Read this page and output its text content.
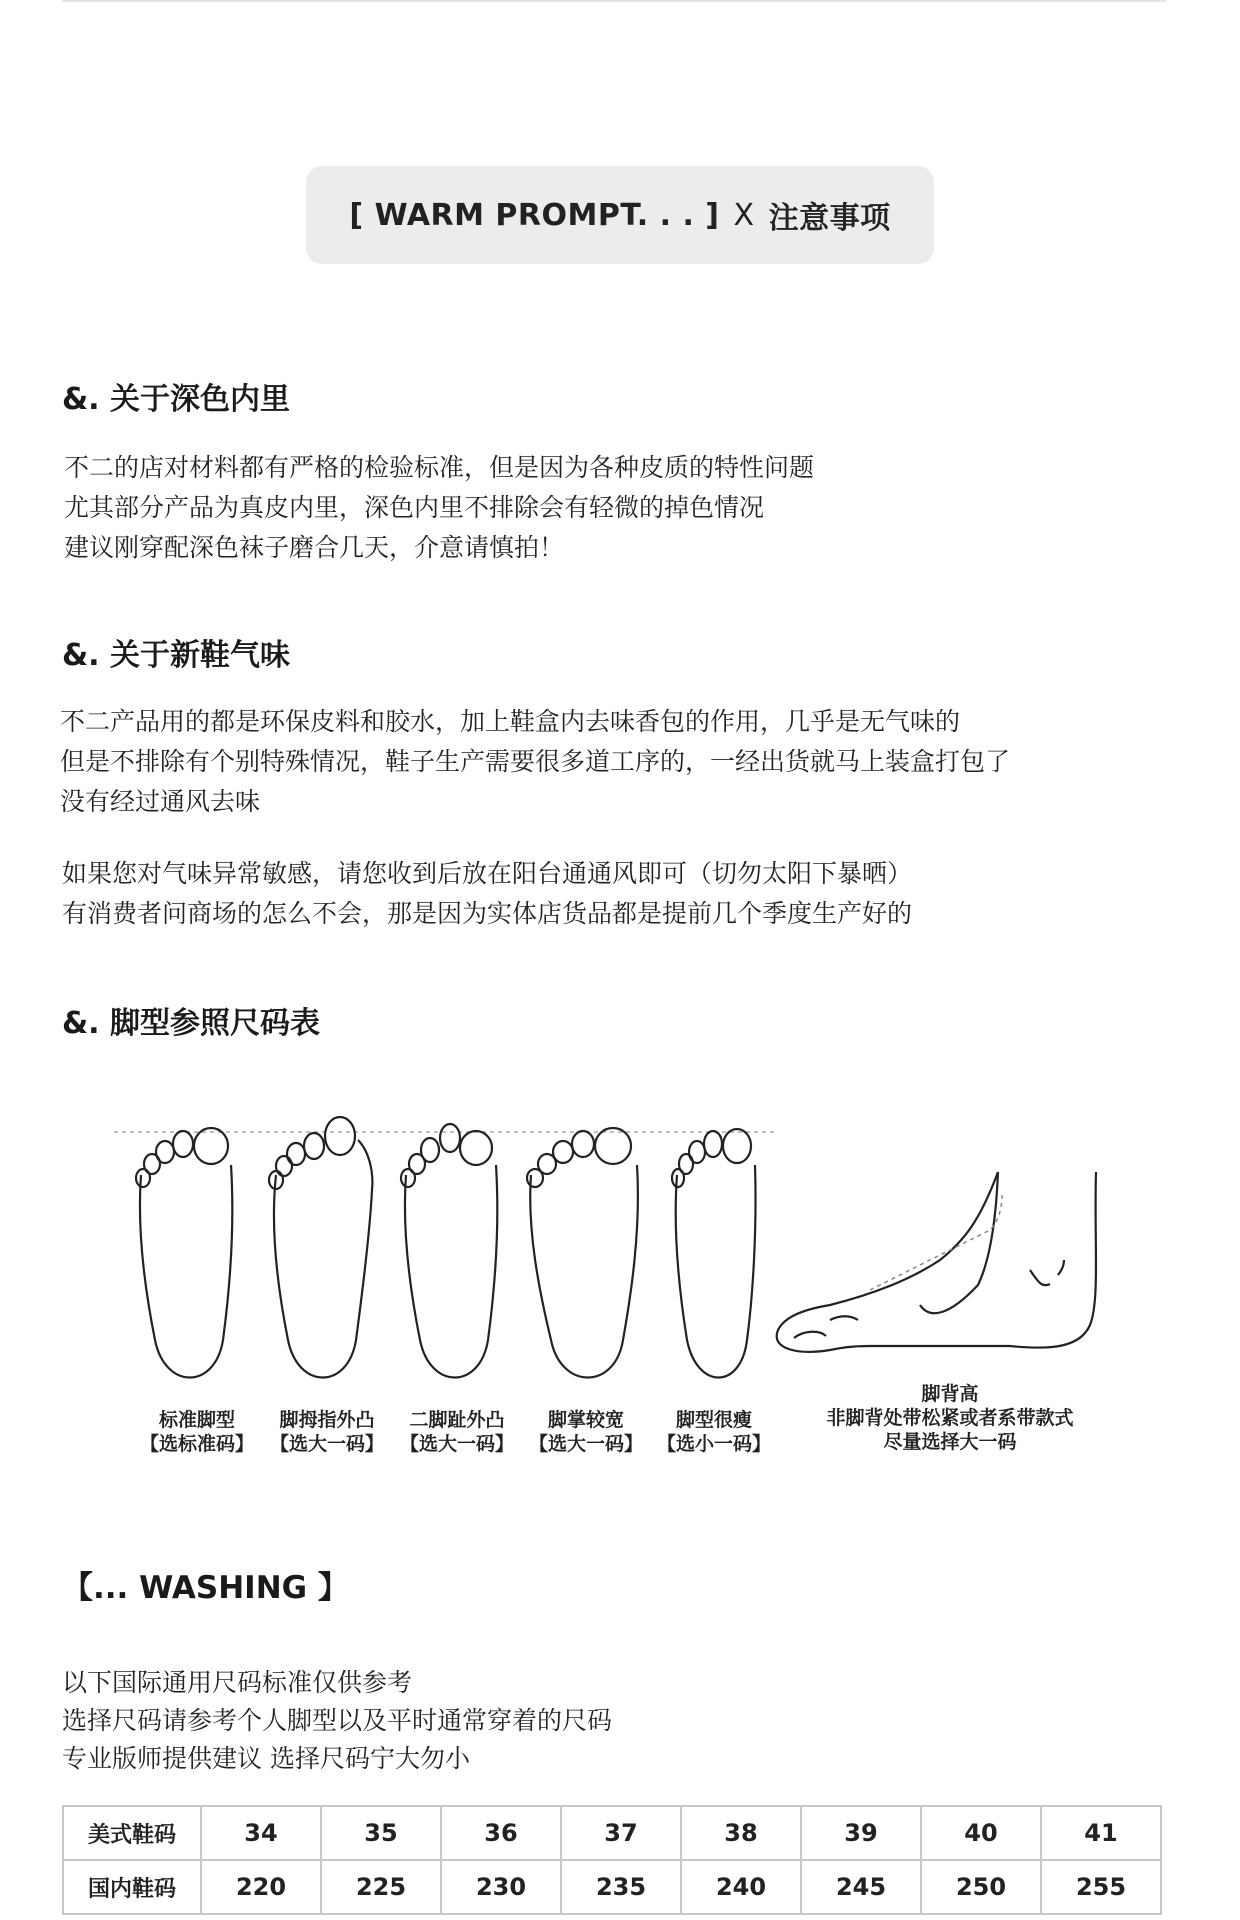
[ WARM PROMPT. . . ] X 注意事项
&. 关于深色内里
不二的店对材料都有严格的检验标准，但是因为各种皮质的特性问题
尤其部分产品为真皮内里，深色内里不排除会有轻微的掉色情况
建议刚穿配深色袜子磨合几天，介意请慎拍！
&. 关于新鞋气味
不二产品用的都是环保皮料和胶水，加上鞋盒内去味香包的作用，几乎是无气味的
但是不排除有个别特殊情况，鞋子生产需要很多道工序的，一经出货就马上装盒打包了
没有经过通风去味
如果您对气味异常敏感，请您收到后放在阳台通通风即可（切勿太阳下暴晒）
有消费者问商场的怎么不会，那是因为实体店货品都是提前几个季度生产好的
&. 脚型参照尺码表
标准脚型
【选标准码】
脚拇指外凸
【选大一码】
二脚趾外凸
【选大一码】
脚掌较宽
【选大一码】
脚型很瘦
【选小一码】
脚背高
非脚背处带松紧或者系带款式
尽量选择大一码
【... WASHING 】
以下国际通用尺码标准仅供参考
选择尺码请参考个人脚型以及平时通常穿着的尺码
专业版师提供建议 选择尺码宁大勿小
美式鞋码	34	35	36	37	38	39	40	41
国内鞋码	220	225	230	235	240	245	250	255
